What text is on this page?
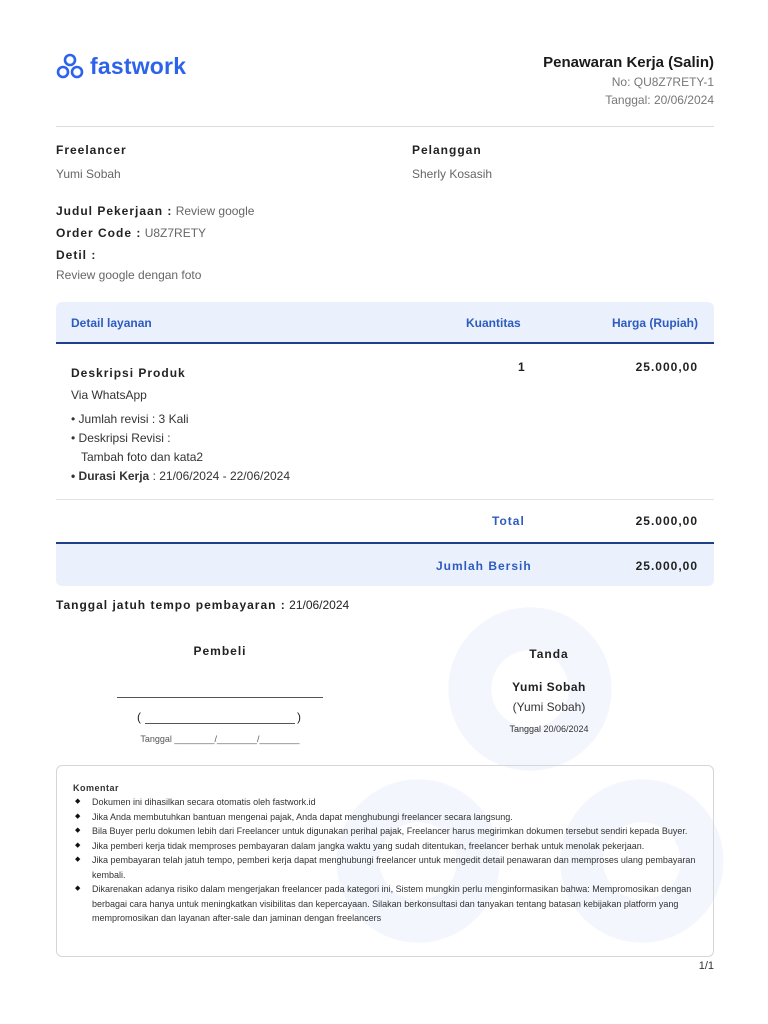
fastwork	Penawaran Kerja (Salin)
No: QU8Z7RETY-1
Tanggal: 20/06/2024
Freelancer
Yumi Sobah
Pelanggan
Sherly Kosasih
Judul Pekerjaan : Review google
Order Code : U8Z7RETY
Detil :
Review google dengan foto
Detail layanan	Kuantitas	Harga (Rupiah)
Deskripsi Produk
Via WhatsApp
• Jumlah revisi : 3 Kali
• Deskripsi Revisi :
Tambah foto dan kata2
• Durasi Kerja : 21/06/2024 - 22/06/2024
1	25.000,00
Total	25.000,00
Jumlah Bersih	25.000,00
Tanggal jatuh tempo pembayaran : 21/06/2024
Pembeli
(	)
Tanggal ________/________/________
Tanda
Yumi Sobah
(Yumi Sobah)
Tanggal 20/06/2024
Komentar
◆ Dokumen ini dihasilkan secara otomatis oleh fastwork.id
◆ Jika Anda membutuhkan bantuan mengenai pajak, Anda dapat menghubungi freelancer secara langsung.
◆ Bila Buyer perlu dokumen lebih dari Freelancer untuk digunakan perihal pajak, Freelancer harus megirimkan dokumen tersebut sendiri kepada Buyer.
◆ Jika pemberi kerja tidak memproses pembayaran dalam jangka waktu yang sudah ditentukan, freelancer berhak untuk menolak pekerjaan.
◆ Jika pembayaran telah jatuh tempo, pemberi kerja dapat menghubungi freelancer untuk mengedit detail penawaran dan memproses ulang pembayaran kembali.
◆ Dikarenakan adanya risiko dalam mengerjakan freelancer pada kategori ini, Sistem mungkin perlu menginformasikan bahwa: Mempromosikan dengan berbagai cara hanya untuk meningkatkan visibilitas dan kepercayaan. Silakan berkonsultasi dan tanyakan tentang batasan kebijakan platform yang mempromosikan dan layanan after-sale dan jaminan dengan freelancers
1/1
